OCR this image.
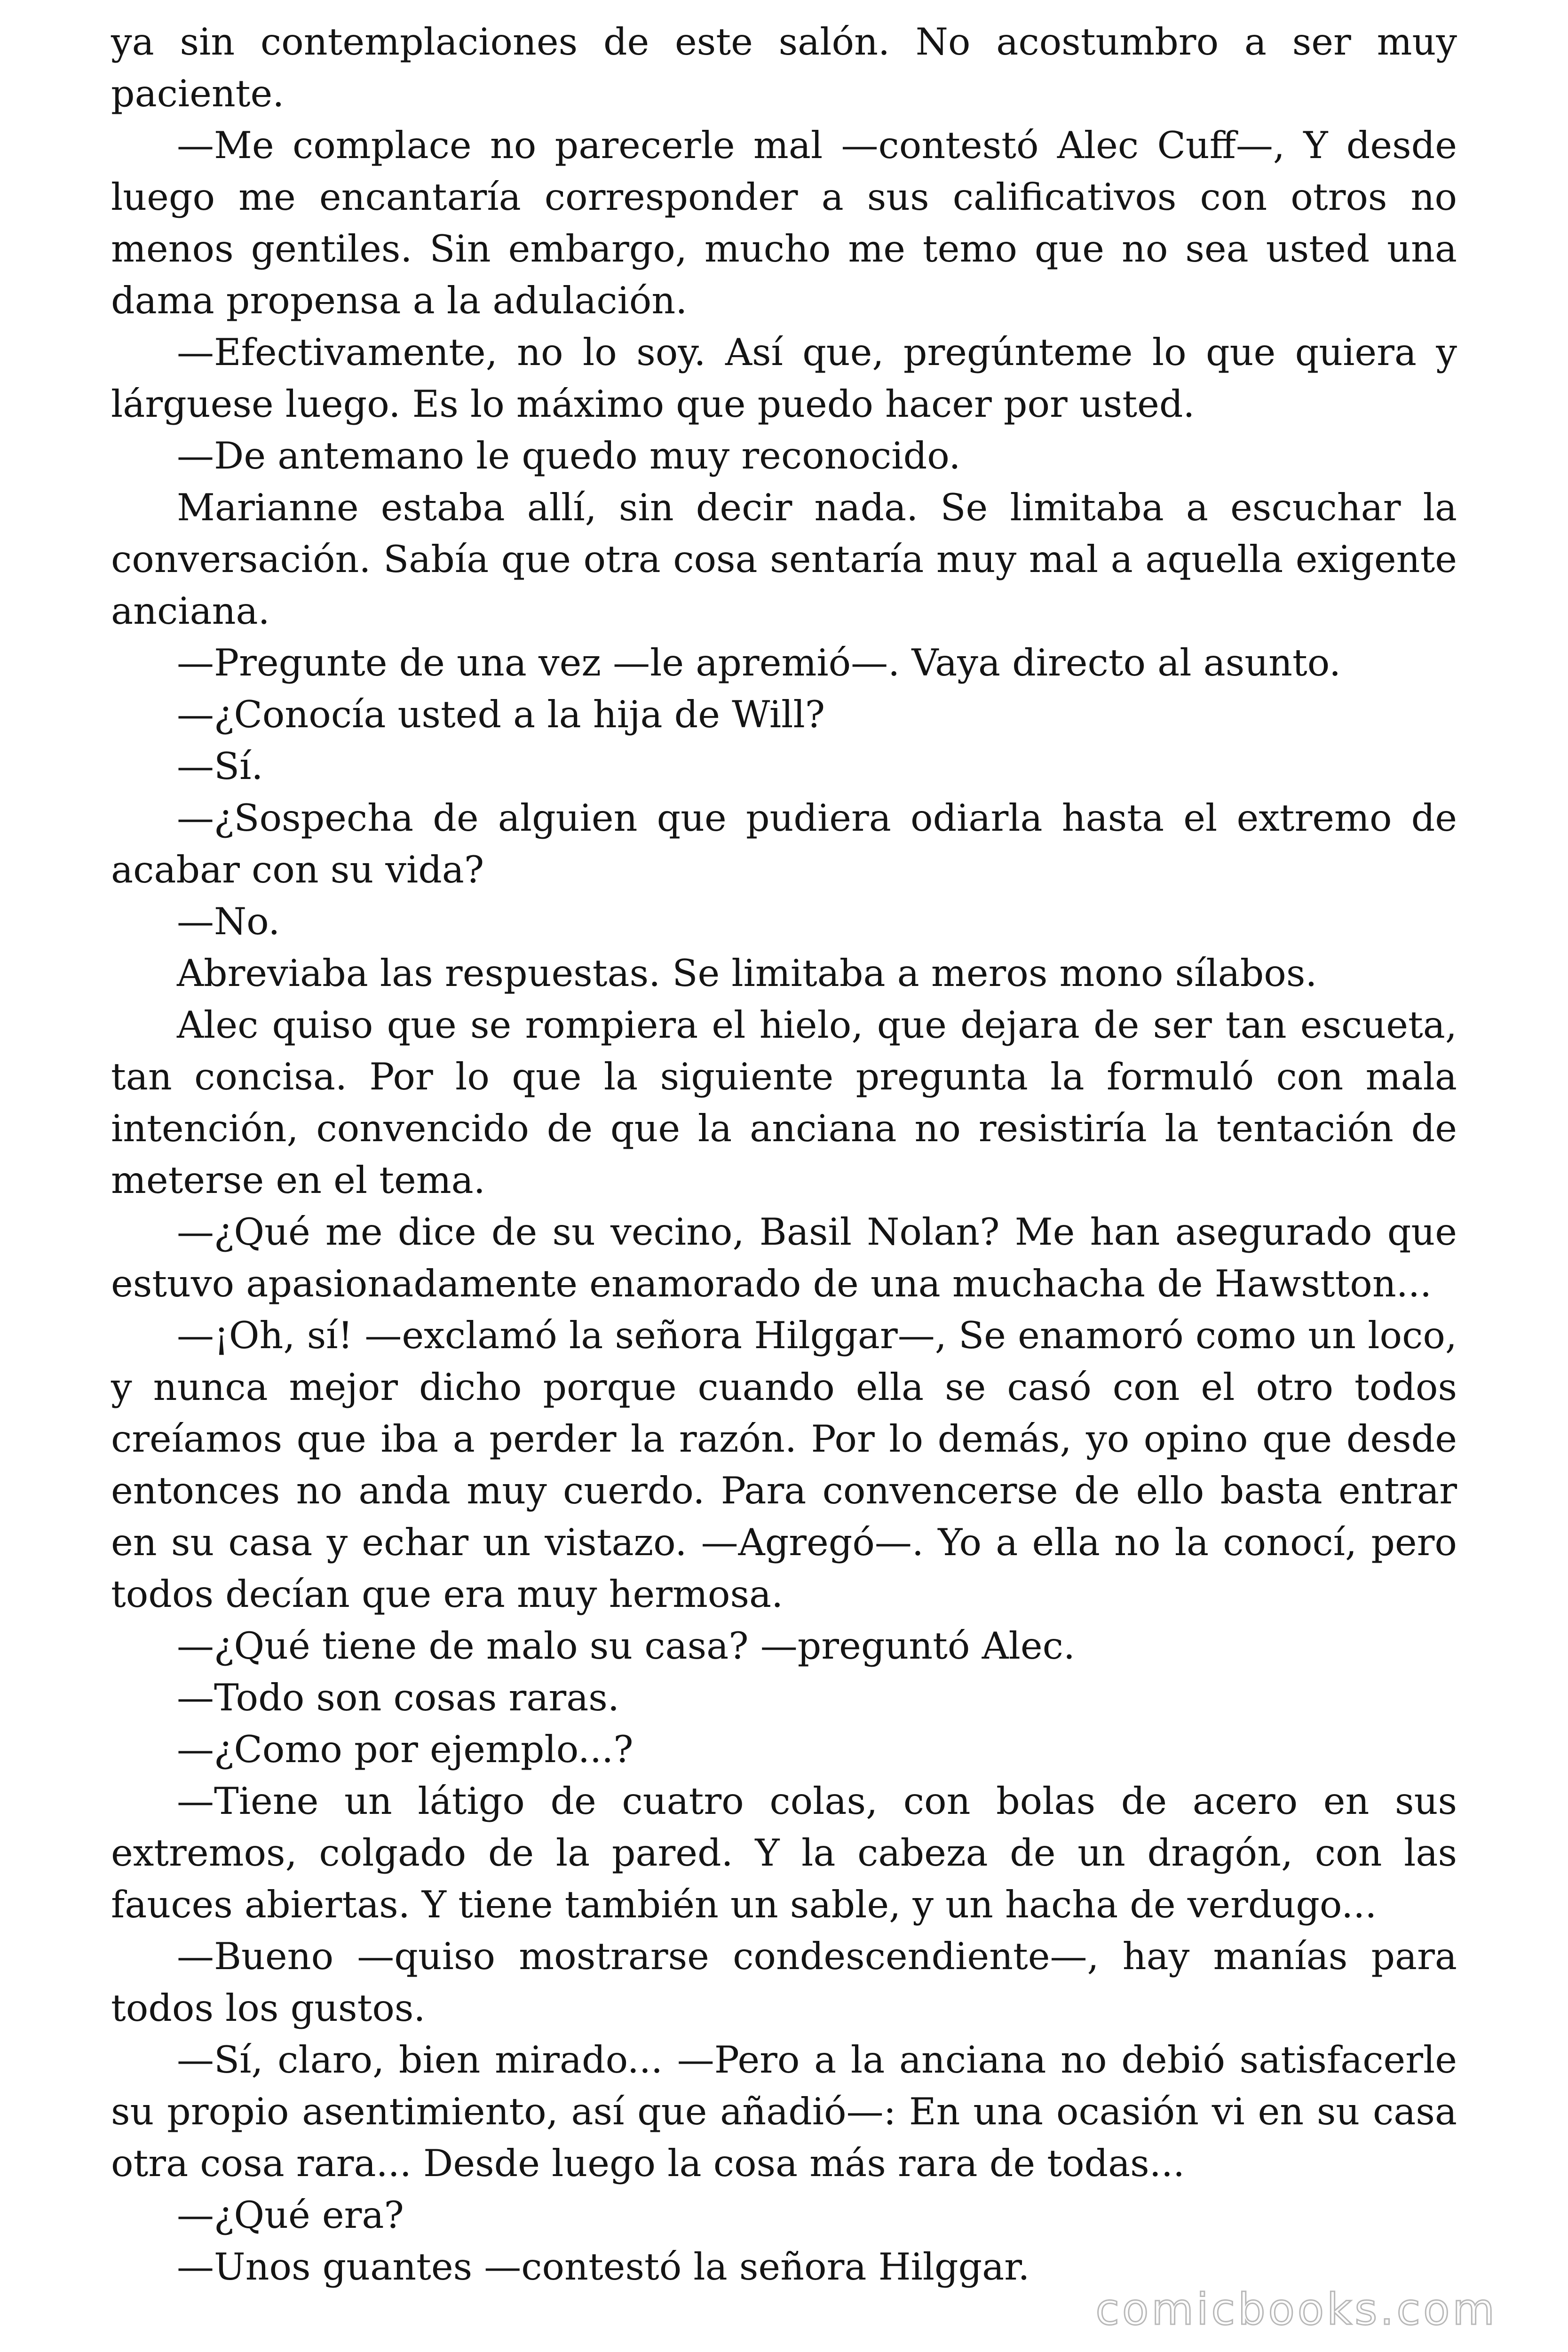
ya sin contemplaciones de este salón. No acostumbro a ser muy paciente.

—Me complace no parecerle mal —contestó Alec Cuff—, Y desde luego me encantaría corresponder a sus calificativos con otros no menos gentiles. Sin embargo, mucho me temo que no sea usted una dama propensa a la adulación.

—Efectivamente, no lo soy. Así que, pregúnteme lo que quiera y lárguese luego. Es lo máximo que puedo hacer por usted.

—De antemano le quedo muy reconocido.

Marianne estaba allí, sin decir nada. Se limitaba a escuchar la conversación. Sabía que otra cosa sentaría muy mal a aquella exigente anciana.

—Pregunte de una vez —le apremió—. Vaya directo al asunto.

—¿Conocía usted a la hija de Will?

—Sí.

—¿Sospecha de alguien que pudiera odiarla hasta el extremo de acabar con su vida?

—No.

Abreviaba las respuestas. Se limitaba a meros mono sílabos.

Alec quiso que se rompiera el hielo, que dejara de ser tan escueta, tan concisa. Por lo que la siguiente pregunta la formuló con mala intención, convencido de que la anciana no resistiría la tentación de meterse en el tema.

—¿Qué me dice de su vecino, Basil Nolan? Me han asegurado que estuvo apasionadamente enamorado de una muchacha de Hawstton...

—¡Oh, sí! —exclamó la señora Hilggar—, Se enamoró como un loco, y nunca mejor dicho porque cuando ella se casó con el otro todos creíamos que iba a perder la razón. Por lo demás, yo opino que desde entonces no anda muy cuerdo. Para convencerse de ello basta entrar en su casa y echar un vistazo. —Agregó—. Yo a ella no la conocí, pero todos decían que era muy hermosa.

—¿Qué tiene de malo su casa? —preguntó Alec.

—Todo son cosas raras.

—¿Como por ejemplo...?

—Tiene un látigo de cuatro colas, con bolas de acero en sus extremos, colgado de la pared. Y la cabeza de un dragón, con las fauces abiertas. Y tiene también un sable, y un hacha de verdugo...

—Bueno —quiso mostrarse condescendiente—, hay manías para todos los gustos.

—Sí, claro, bien mirado... —Pero a la anciana no debió satisfacerle su propio asentimiento, así que añadió—: En una ocasión vi en su casa otra cosa rara... Desde luego la cosa más rara de todas...

—¿Qué era?

—Unos guantes —contestó la señora Hilggar.

comicbooks.com
